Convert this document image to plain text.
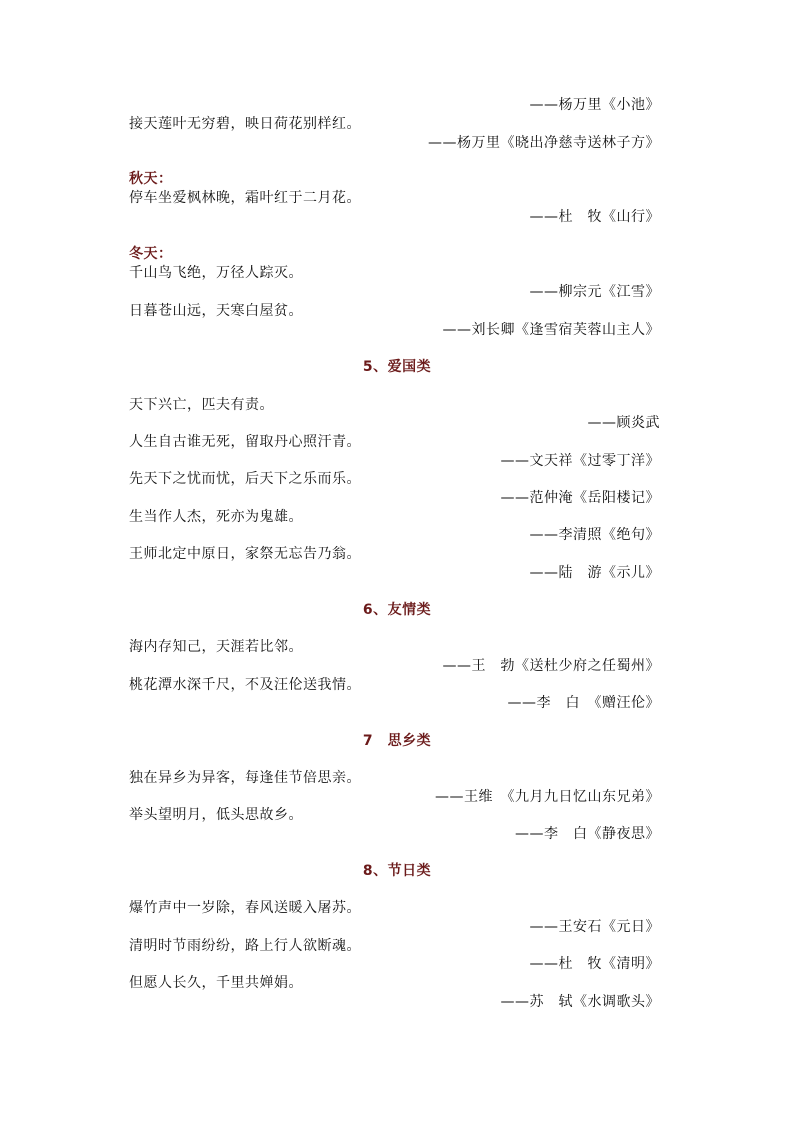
——杨万里《小池》
接天莲叶无穷碧，映日荷花别样红。
——杨万里《晓出净慈寺送林子方》
秋天：
停车坐爱枫林晚，霜叶红于二月花。
——杜　牧《山行》
冬天：
千山鸟飞绝，万径人踪灭。
——柳宗元《江雪》
日暮苍山远，天寒白屋贫。
——刘长卿《逢雪宿芙蓉山主人》
5、爱国类
天下兴亡，匹夫有责。
——顾炎武
人生自古谁无死，留取丹心照汗青。
——文天祥《过零丁洋》
先天下之忧而忧，后天下之乐而乐。
——范仲淹《岳阳楼记》
生当作人杰，死亦为鬼雄。
——李清照《绝句》
王师北定中原日，家祭无忘告乃翁。
——陆　游《示儿》
6、友情类
海内存知己，天涯若比邻。
——王　勃《送杜少府之任蜀州》
桃花潭水深千尺，不及汪伦送我情。
——李　白　《赠汪伦》
7　思乡类
独在异乡为异客，每逢佳节倍思亲。
——王维　《九月九日忆山东兄弟》
举头望明月，低头思故乡。
——李　白《静夜思》
8、节日类
爆竹声中一岁除，春风送暖入屠苏。
——王安石《元日》
清明时节雨纷纷，路上行人欲断魂。
——杜　牧《清明》
但愿人长久，千里共婵娟。
——苏　轼《水调歌头》
